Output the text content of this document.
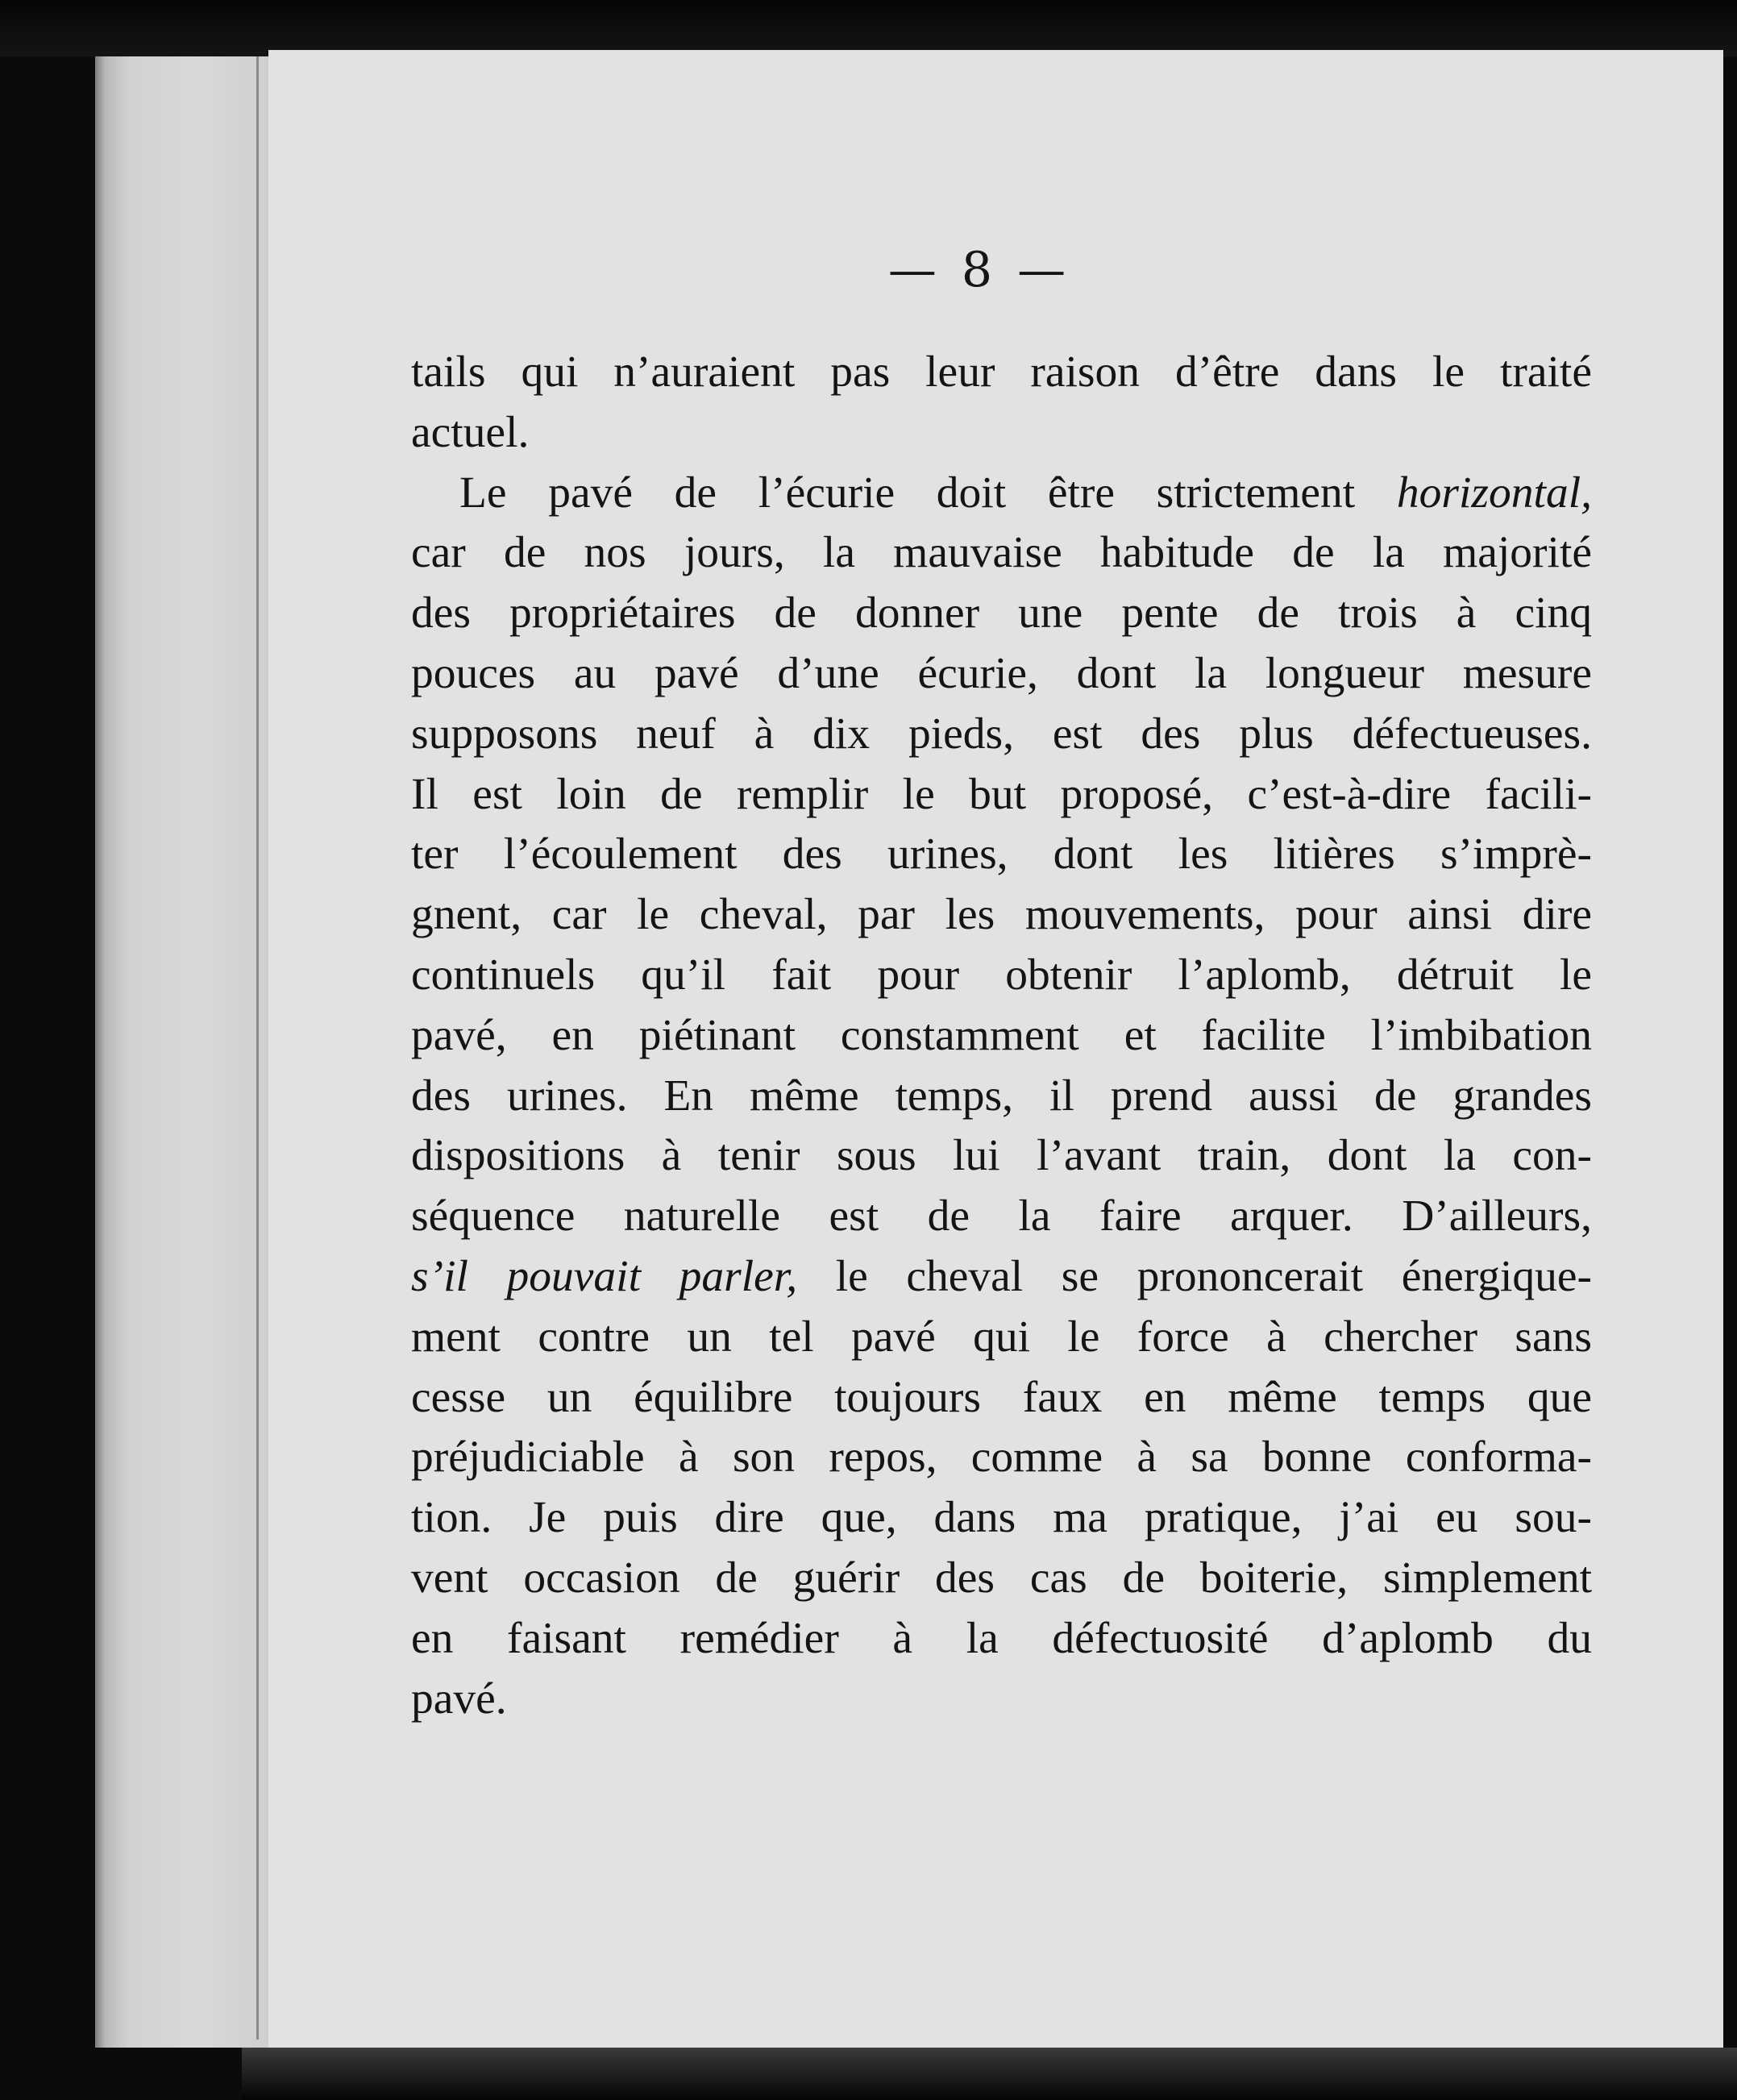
— 8 —
tails qui n’auraient pas leur raison d’être dans le traité
actuel.
Le pavé de l’écurie doit être strictement horizontal,
car de nos jours, la mauvaise habitude de la majorité
des propriétaires de donner une pente de trois à cinq
pouces au pavé d’une écurie, dont la longueur mesure
supposons neuf à dix pieds, est des plus défectueuses.
Il est loin de remplir le but proposé, c’est-à-dire facili-
ter l’écoulement des urines, dont les litières s’imprè-
gnent, car le cheval, par les mouvements, pour ainsi dire
continuels qu’il fait pour obtenir l’aplomb, détruit le
pavé, en piétinant constamment et facilite l’imbibation
des urines. En même temps, il prend aussi de grandes
dispositions à tenir sous lui l’avant train, dont la con-
séquence naturelle est de la faire arquer. D’ailleurs,
s’il pouvait parler, le cheval se prononcerait énergique-
ment contre un tel pavé qui le force à chercher sans
cesse un équilibre toujours faux en même temps que
préjudiciable à son repos, comme à sa bonne conforma-
tion. Je puis dire que, dans ma pratique, j’ai eu sou-
vent occasion de guérir des cas de boiterie, simplement
en faisant remédier à la défectuosité d’aplomb du
pavé.
